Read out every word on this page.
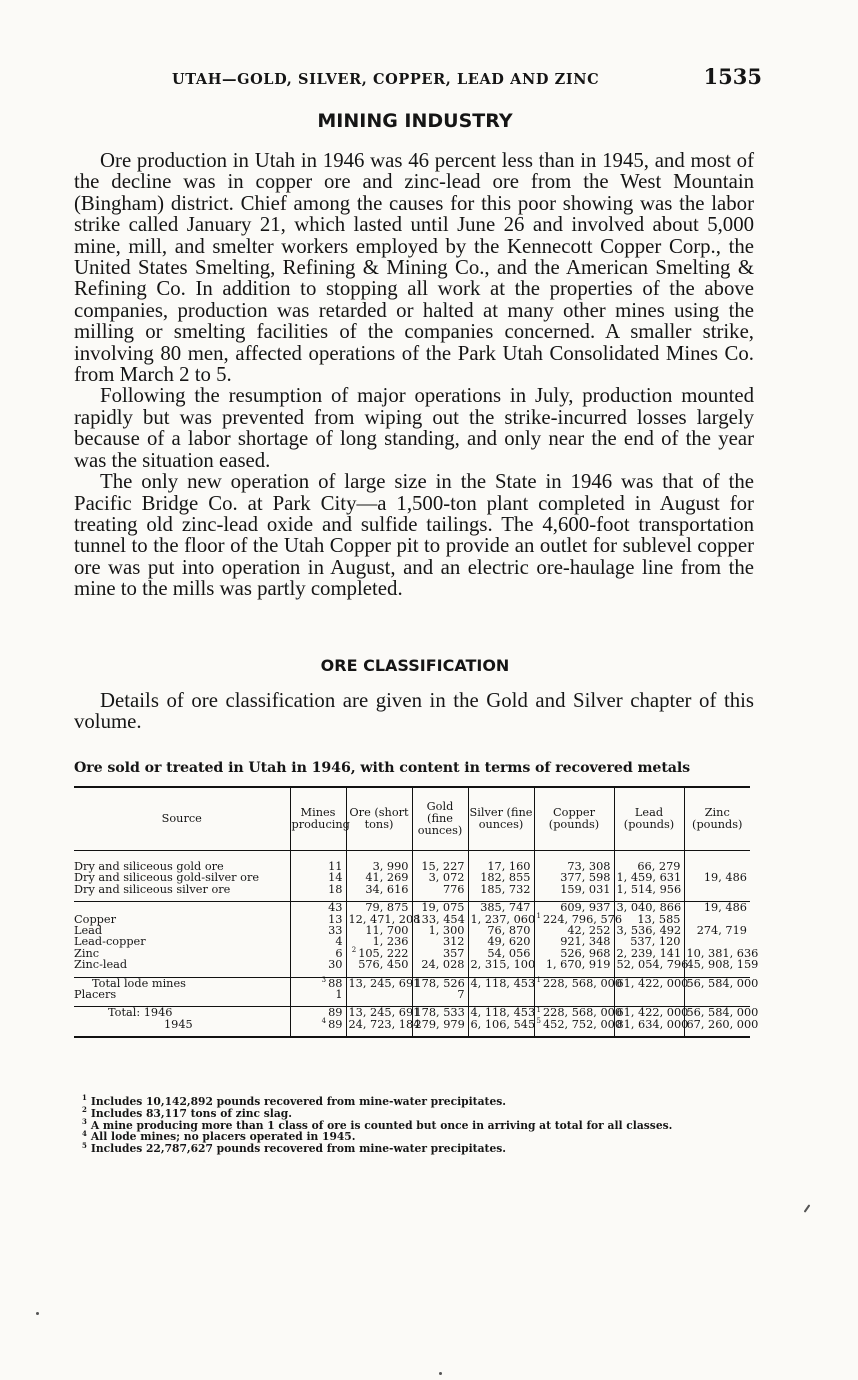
UTAH—GOLD, SILVER, COPPER, LEAD AND ZINC	1535
MINING INDUSTRY

Ore production in Utah in 1946 was 46 percent less than in 1945, and most of the decline was in copper ore and zinc-lead ore from the West Mountain (Bingham) district. Chief among the causes for this poor showing was the labor strike called January 21, which lasted until June 26 and involved about 5,000 mine, mill, and smelter workers employed by the Kennecott Copper Corp., the United States Smelting, Refining & Mining Co., and the American Smelting & Refining Co. In addition to stopping all work at the properties of the above companies, production was retarded or halted at many other mines using the milling or smelting facilities of the companies concerned. A smaller strike, involving 80 men, affected operations of the Park Utah Consolidated Mines Co. from March 2 to 5.

Following the resumption of major operations in July, production mounted rapidly but was prevented from wiping out the strike-incurred losses largely because of a labor shortage of long standing, and only near the end of the year was the situation eased.

The only new operation of large size in the State in 1946 was that of the Pacific Bridge Co. at Park City—a 1,500-ton plant completed in August for treating old zinc-lead oxide and sulfide tailings. The 4,600-foot transportation tunnel to the floor of the Utah Copper pit to provide an outlet for sublevel copper ore was put into operation in August, and an electric ore-haulage line from the mine to the mills was partly completed.

ORE CLASSIFICATION

Details of ore classification are given in the Gold and Silver chapter of this volume.

Ore sold or treated in Utah in 1946, with content in terms of recovered metals
Source	Mines producing	Ore (short tons)	Gold (fine ounces)	Silver (fine ounces)	Copper (pounds)	Lead (pounds)	Zinc (pounds)

Dry and siliceous gold ore	11	3, 990	15, 227	17, 160	73, 308	66, 279	
Dry and siliceous gold-silver ore	14	41, 269	3, 072	182, 855	377, 598	1, 459, 631	19, 486
Dry and siliceous silver ore	18	34, 616	776	185, 732	159, 031	1, 514, 956	

	43	79, 875	19, 075	385, 747	609, 937	3, 040, 866	19, 486
Copper	13	12, 471, 208	133, 454	1, 237, 060	$^1$ 224, 796, 576	13, 585	
Lead	33	11, 700	1, 300	76, 870	42, 252	3, 536, 492	274, 719
Lead-copper	4	1, 236	312	49, 620	921, 348	537, 120	
Zinc	6	$^2$ 105, 222	357	54, 056	526, 968	2, 239, 141	10, 381, 636
Zinc-lead	30	576, 450	24, 028	2, 315, 100	1, 670, 919	52, 054, 796	45, 908, 159

Total lode mines	$^3$ 88	13, 245, 691	178, 526	4, 118, 453	$^1$ 228, 568, 000	61, 422, 000	56, 584, 000
Placers	1		7				

Total: 1946	89	13, 245, 691	178, 533	4, 118, 453	$^1$ 228, 568, 000	61, 422, 000	56, 584, 000
1945	$^4$ 89	24, 723, 184	279, 979	6, 106, 545	$^5$ 452, 752, 000	81, 634, 000	67, 260, 000

$^1$ Includes 10,142,892 pounds recovered from mine-water precipitates.
$^2$ Includes 83,117 tons of zinc slag.
$^3$ A mine producing more than 1 class of ore is counted but once in arriving at total for all classes.
$^4$ All lode mines; no placers operated in 1945.
$^5$ Includes 22,787,627 pounds recovered from mine-water precipitates.
